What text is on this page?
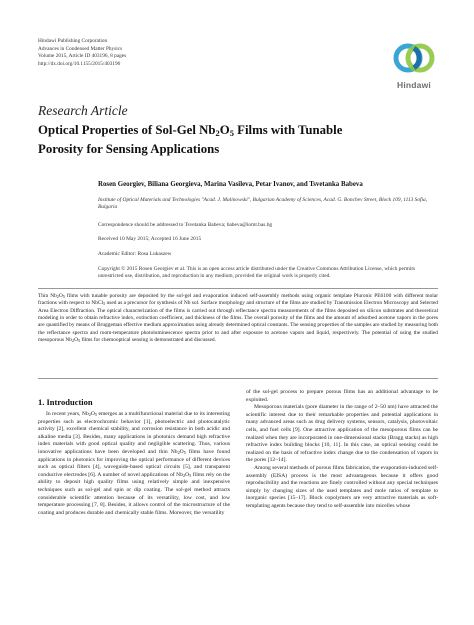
Hindawi Publishing Corporation
Advances in Condensed Matter Physics
Volume 2015, Article ID 403196, 8 pages
http://dx.doi.org/10.1155/2015/403196
Hindawi
Research Article
Optical Properties of Sol-Gel $Nb_2O_5$ Films with Tunable
Porosity for Sensing Applications
Rosen Georgiev, Biliana Georgieva, Marina Vasileva, Petar Ivanov, and Tsvetanka Babeva
Institute of Optical Materials and Technologies "Acad. J. Malinowski", Bulgarian Academy of Sciences, Acad. G. Bonchev Street, Block 109, 1113 Sofia, Bulgaria
Correspondence should be addressed to Tsvetanka Babeva; babeva@iomt.bas.bg
Received 10 May 2015; Accepted 16 June 2015
Academic Editor: Rosa Lukaszew
Copyright © 2015 Rosen Georgiev et al. This is an open access article distributed under the Creative Commons Attribution License, which permits unrestricted use, distribution, and reproduction in any medium, provided the original work is properly cited.
Thin Nb2O5 films with tunable porosity are deposited by the sol-gel and evaporation induced self-assembly methods using organic template Pluronic PE6100 with different molar fractions with respect to NbCl5 used as a precursor for synthesis of Nb sol. Surface morphology and structure of the films are studied by Transmission Electron Microscopy and Selected Area Electron Diffraction. The optical characterization of the films is carried out through reflectance spectra measurements of the films deposited on silicon substrates and theoretical modeling in order to obtain refractive index, extinction coefficient, and thickness of the films. The overall porosity of the films and the amount of adsorbed acetone vapors in the pores are quantified by means of Bruggeman effective medium approximation using already determined optical constants. The sensing properties of the samples are studied by measuring both the reflectance spectra and room-temperature photoluminescence spectra prior to and after exposure to acetone vapors and liquid, respectively. The potential of using the studied mesoporous Nb2O5 films for chemooptical sensing is demonstrated and discussed.
1. Introduction

In recent years, Nb2O5 emerges as a multifunctional material due to its interesting properties such as electrochromic behavior [1], photoelectric and photocatalytic activity [2], excellent chemical stability, and corrosion resistance in both acidic and alkaline media [3]. Besides, many applications in photonics demand high refractive index materials with good optical quality and negligible scattering. Thus, various innovative applications have been developed and thin Nb2O5 films have found applications in photonics for improving the optical performance of different devices such as optical filters [4], waveguide-based optical circuits [5], and transparent conductive electrodes [6]. A number of novel applications of Nb2O5 films rely on the ability to deposit high quality films using relatively simple and inexpensive techniques such as sol-gel and spin or dip coating. The sol-gel method attracts considerable scientific attention because of its versatility, low cost, and low temperature processing [7, 8]. Besides, it allows control of the microstructure of the coating and produces durable and chemically stable films. Moreover, the versatility

of the sol-gel process to prepare porous films has an additional advantage to be exploited.

Mesoporous materials (pore diameter in the range of 2–50 nm) have attracted the scientific interest due to their remarkable properties and potential applications in many advanced areas such as drug delivery systems, sensors, catalysis, photovoltaic cells, and fuel cells [9]. One attractive application of the mesoporous films can be realized when they are incorporated in one-dimensional stacks (Bragg stacks) as high refractive index building blocks [10, 11]. In this case, an optical sensing could be realized on the basis of refractive index change due to the condensation of vapors in the pores [12–14].

Among several methods of porous films fabrication, the evaporation-induced self-assembly (EISA) process is the most advantageous because it offers good reproducibility and the reactions are finely controlled without any special techniques simply by changing sizes of the used templates and mole ratios of template to inorganic species [15–17]. Block copolymers are very attractive materials as soft-templating agents because they tend to self-assemble into micelles whose
